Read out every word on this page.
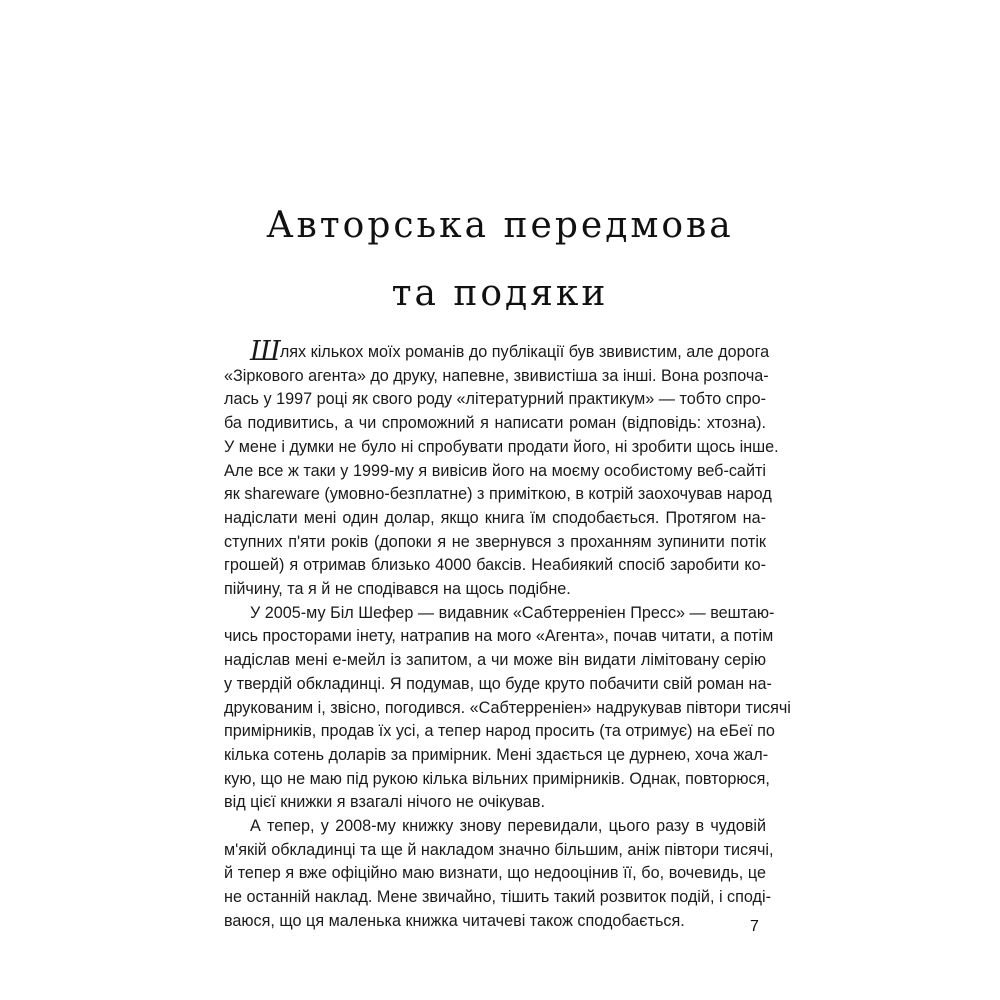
Авторська передмова
та подяки
Шлях кількох моїх романів до публікації був звивистим, але дорога
«Зіркового агента» до друку, напевне, звивистіша за інші. Вона розпоча-
лась у 1997 році як свого роду «літературний практикум» — тобто спро-
ба подивитись, а чи спроможний я написати роман (відповідь: хтозна).
У мене і думки не було ні спробувати продати його, ні зробити щось інше.
Але все ж таки у 1999-му я вивісив його на моєму особистому веб-сайті
як shareware (умовно-безплатне) з приміткою, в котрій заохочував народ
надіслати мені один долар, якщо книга їм сподобається. Протягом на-
ступних п'яти років (допоки я не звернувся з проханням зупинити потік
грошей) я отримав близько 4000 баксів. Неабиякий спосіб заробити ко-
пійчину, та я й не сподівався на щось подібне.
У 2005-му Біл Шефер — видавник «Сабтерреніен Пресс» — вештаю-
чись просторами інету, натрапив на мого «Агента», почав читати, а потім
надіслав мені е-мейл із запитом, а чи може він видати лімітовану серію
у твердій обкладинці. Я подумав, що буде круто побачити свій роман на-
друкованим і, звісно, погодився. «Сабтерреніен» надрукував півтори тисячі
примірників, продав їх усі, а тепер народ просить (та отримує) на еБеї по
кілька сотень доларів за примірник. Мені здається це дурнею, хоча жал-
кую, що не маю під рукою кілька вільних примірників. Однак, повторюся,
від цієї книжки я взагалі нічого не очікував.
А тепер, у 2008-му книжку знову перевидали, цього разу в чудовій
м'якій обкладинці та ще й накладом значно більшим, аніж півтори тисячі,
й тепер я вже офіційно маю визнати, що недооцінив її, бо, вочевидь, це
не останній наклад. Мене звичайно, тішить такий розвиток подій, і сподi-
ваюся, що ця маленька книжка читачеві також сподобається.	7
